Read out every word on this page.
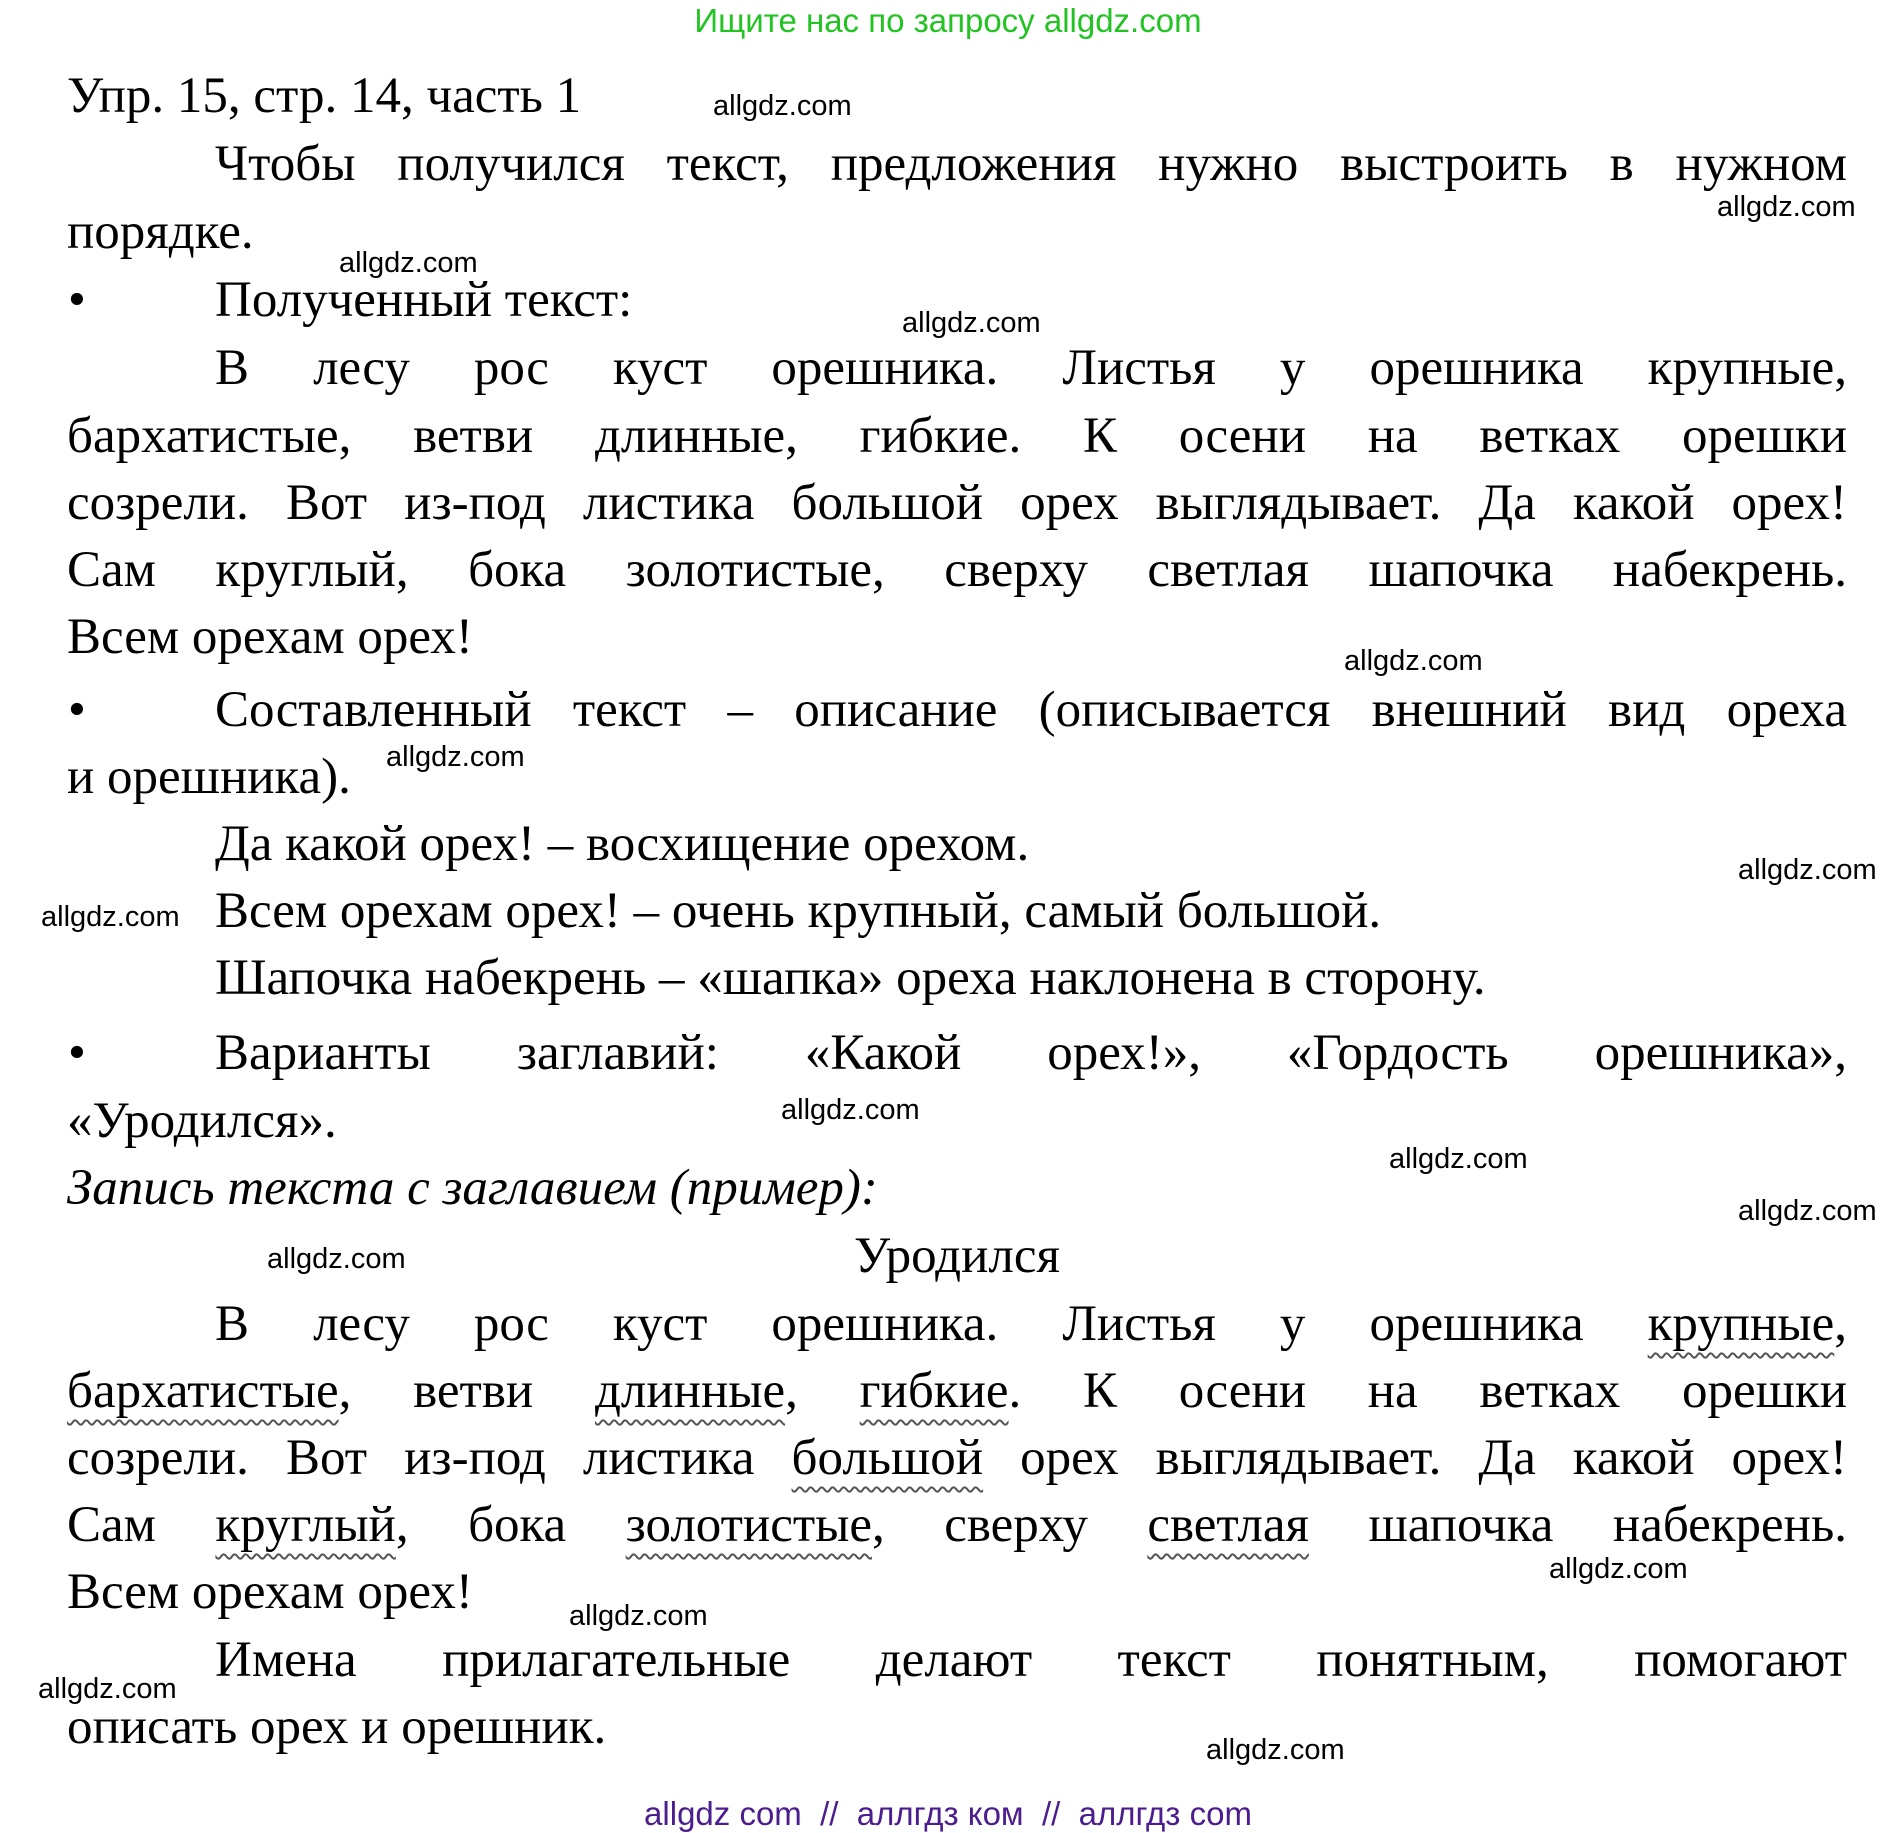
Ищите нас по запросу allgdz.com
Упр. 15, стр. 14, часть 1
Чтобы получился текст, предложения нужно выстроить в нужном
порядке.
•	Полученный текст:
В лесу рос куст орешника. Листья у орешника крупные,
бархатистые, ветви длинные, гибкие. К осени на ветках орешки
созрели. Вот из-под листика большой орех выглядывает. Да какой орех!
Сам круглый, бока золотистые, сверху светлая шапочка набекрень.
Всем орехам орех!
•	Составленный текст – описание (описывается внешний вид ореха
и орешника).
Да какой орех! – восхищение орехом.
Всем орехам орех! – очень крупный, самый большой.
Шапочка набекрень – «шапка» ореха наклонена в сторону.
•	Варианты заглавий: «Какой орех!», «Гордость орешника»,
«Уродился».
Запись текста с заглавием (пример):
Уродился
В лесу рос куст орешника. Листья у орешника крупные,
бархатистые, ветви длинные, гибкие. К осени на ветках орешки
созрели. Вот из-под листика большой орех выглядывает. Да какой орех!
Сам круглый, бока золотистые, сверху светлая шапочка набекрень.
Всем орехам орех!
Имена прилагательные делают текст понятным, помогают
описать орех и орешник.
allgdz.com
allgdz.com
allgdz.com
allgdz.com
allgdz.com
allgdz.com
allgdz.com
allgdz.com
allgdz.com
allgdz.com
allgdz.com
allgdz.com
allgdz.com
allgdz.com
allgdz.com
allgdz.com
allgdz com  //  аллгдз ком  //  аллгдз com
